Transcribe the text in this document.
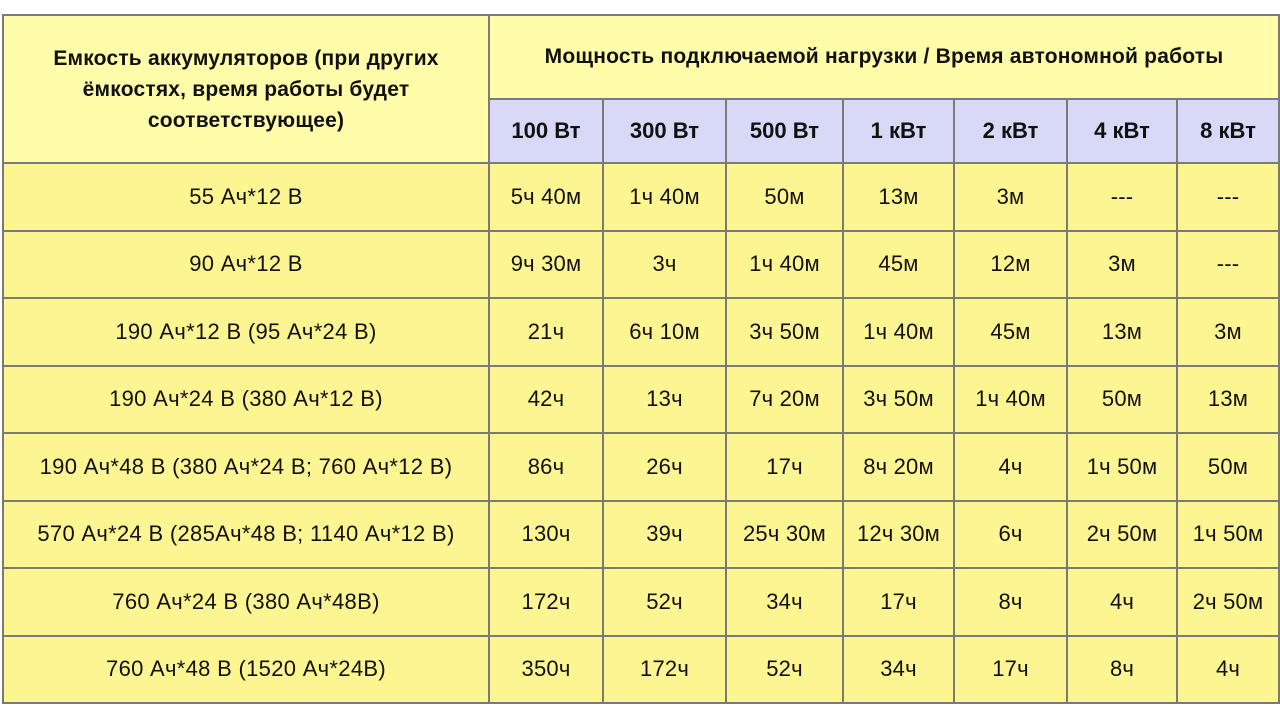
Емкость аккумуляторов (при других ёмкостях, время работы будет соответствующее)	Мощность подключаемой нагрузки / Время автономной работы						
	100 Вт	300 Вт	500 Вт	1 кВт	2 кВт	4 кВт	8 кВт
55 Ач*12 В	5ч 40м	1ч 40м	50м	13м	3м	---	---
90 Ач*12 В	9ч 30м	3ч	1ч 40м	45м	12м	3м	---
190 Ач*12 В (95 Ач*24 В)	21ч	6ч 10м	3ч 50м	1ч 40м	45м	13м	3м
190 Ач*24 В (380 Ач*12 В)	42ч	13ч	7ч 20м	3ч 50м	1ч 40м	50м	13м
190 Ач*48 В (380 Ач*24 В; 760 Ач*12 В)	86ч	26ч	17ч	8ч 20м	4ч	1ч 50м	50м
570 Ач*24 В (285Ач*48 В; 1140 Ач*12 В)	130ч	39ч	25ч 30м	12ч 30м	6ч	2ч 50м	1ч 50м
760 Ач*24 В (380 Ач*48В)	172ч	52ч	34ч	17ч	8ч	4ч	2ч 50м
760 Ач*48 В (1520 Ач*24В)	350ч	172ч	52ч	34ч	17ч	8ч	4ч
